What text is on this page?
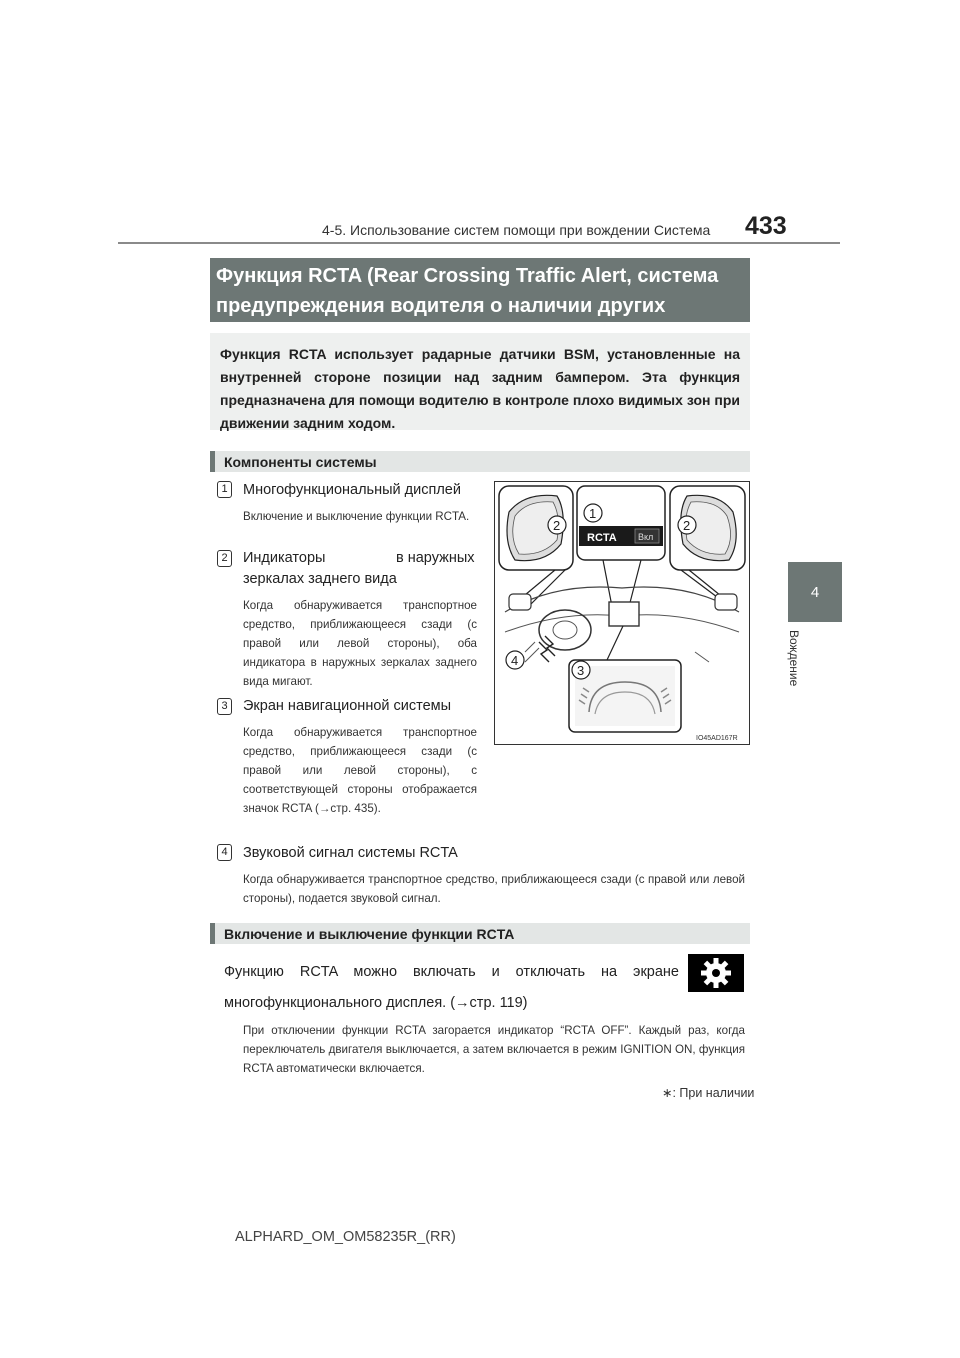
4-5. Использование систем помощи при вождении Система 433
4
Вождение
Функция RCTA (Rear Crossing Traffic Alert, система
предупреждения водителя о наличии других
Функция RCTA использует радарные датчики BSM, установленные на внутренней стороне позиции над задним бампером. Эта функция предназначена для помощи водителю в контроле плохо видимых зон при движении задним ходом.
Компоненты системы
1	Многофункциональный дисплей
Включение и выключение функции RCTA.
2	Индикаторы	в наружных
зеркалах заднего вида
Когда обнаруживается транспортное средство, приближающееся сзади (с правой или левой стороны), оба индикатора в наружных зеркалах заднего вида мигают.
3	Экран навигационной системы
Когда обнаруживается транспортное средство, приближающееся сзади (с правой или левой стороны), с соответствующей стороны отображается значок RCTA (→стр. 435).
4	Звуковой сигнал системы RCTA
Когда обнаруживается транспортное средство, приближающееся сзади (с правой или левой стороны), подается звуковой сигнал.
RCTA Вкл
2
1
2
3
4
IO45AD167R
Включение и выключение функции RCTA
Функцию RCTA можно включать и отключать на экране
многофункционального дисплея. (→стр. 119)
При отключении функции RCTA загорается индикатор “RCTA OFF”. Каждый раз, когда переключатель двигателя выключается, а затем включается в режим IGNITION ON, функция RCTA автоматически включается.
∗: При наличии
ALPHARD_OM_OM58235R_(RR)
